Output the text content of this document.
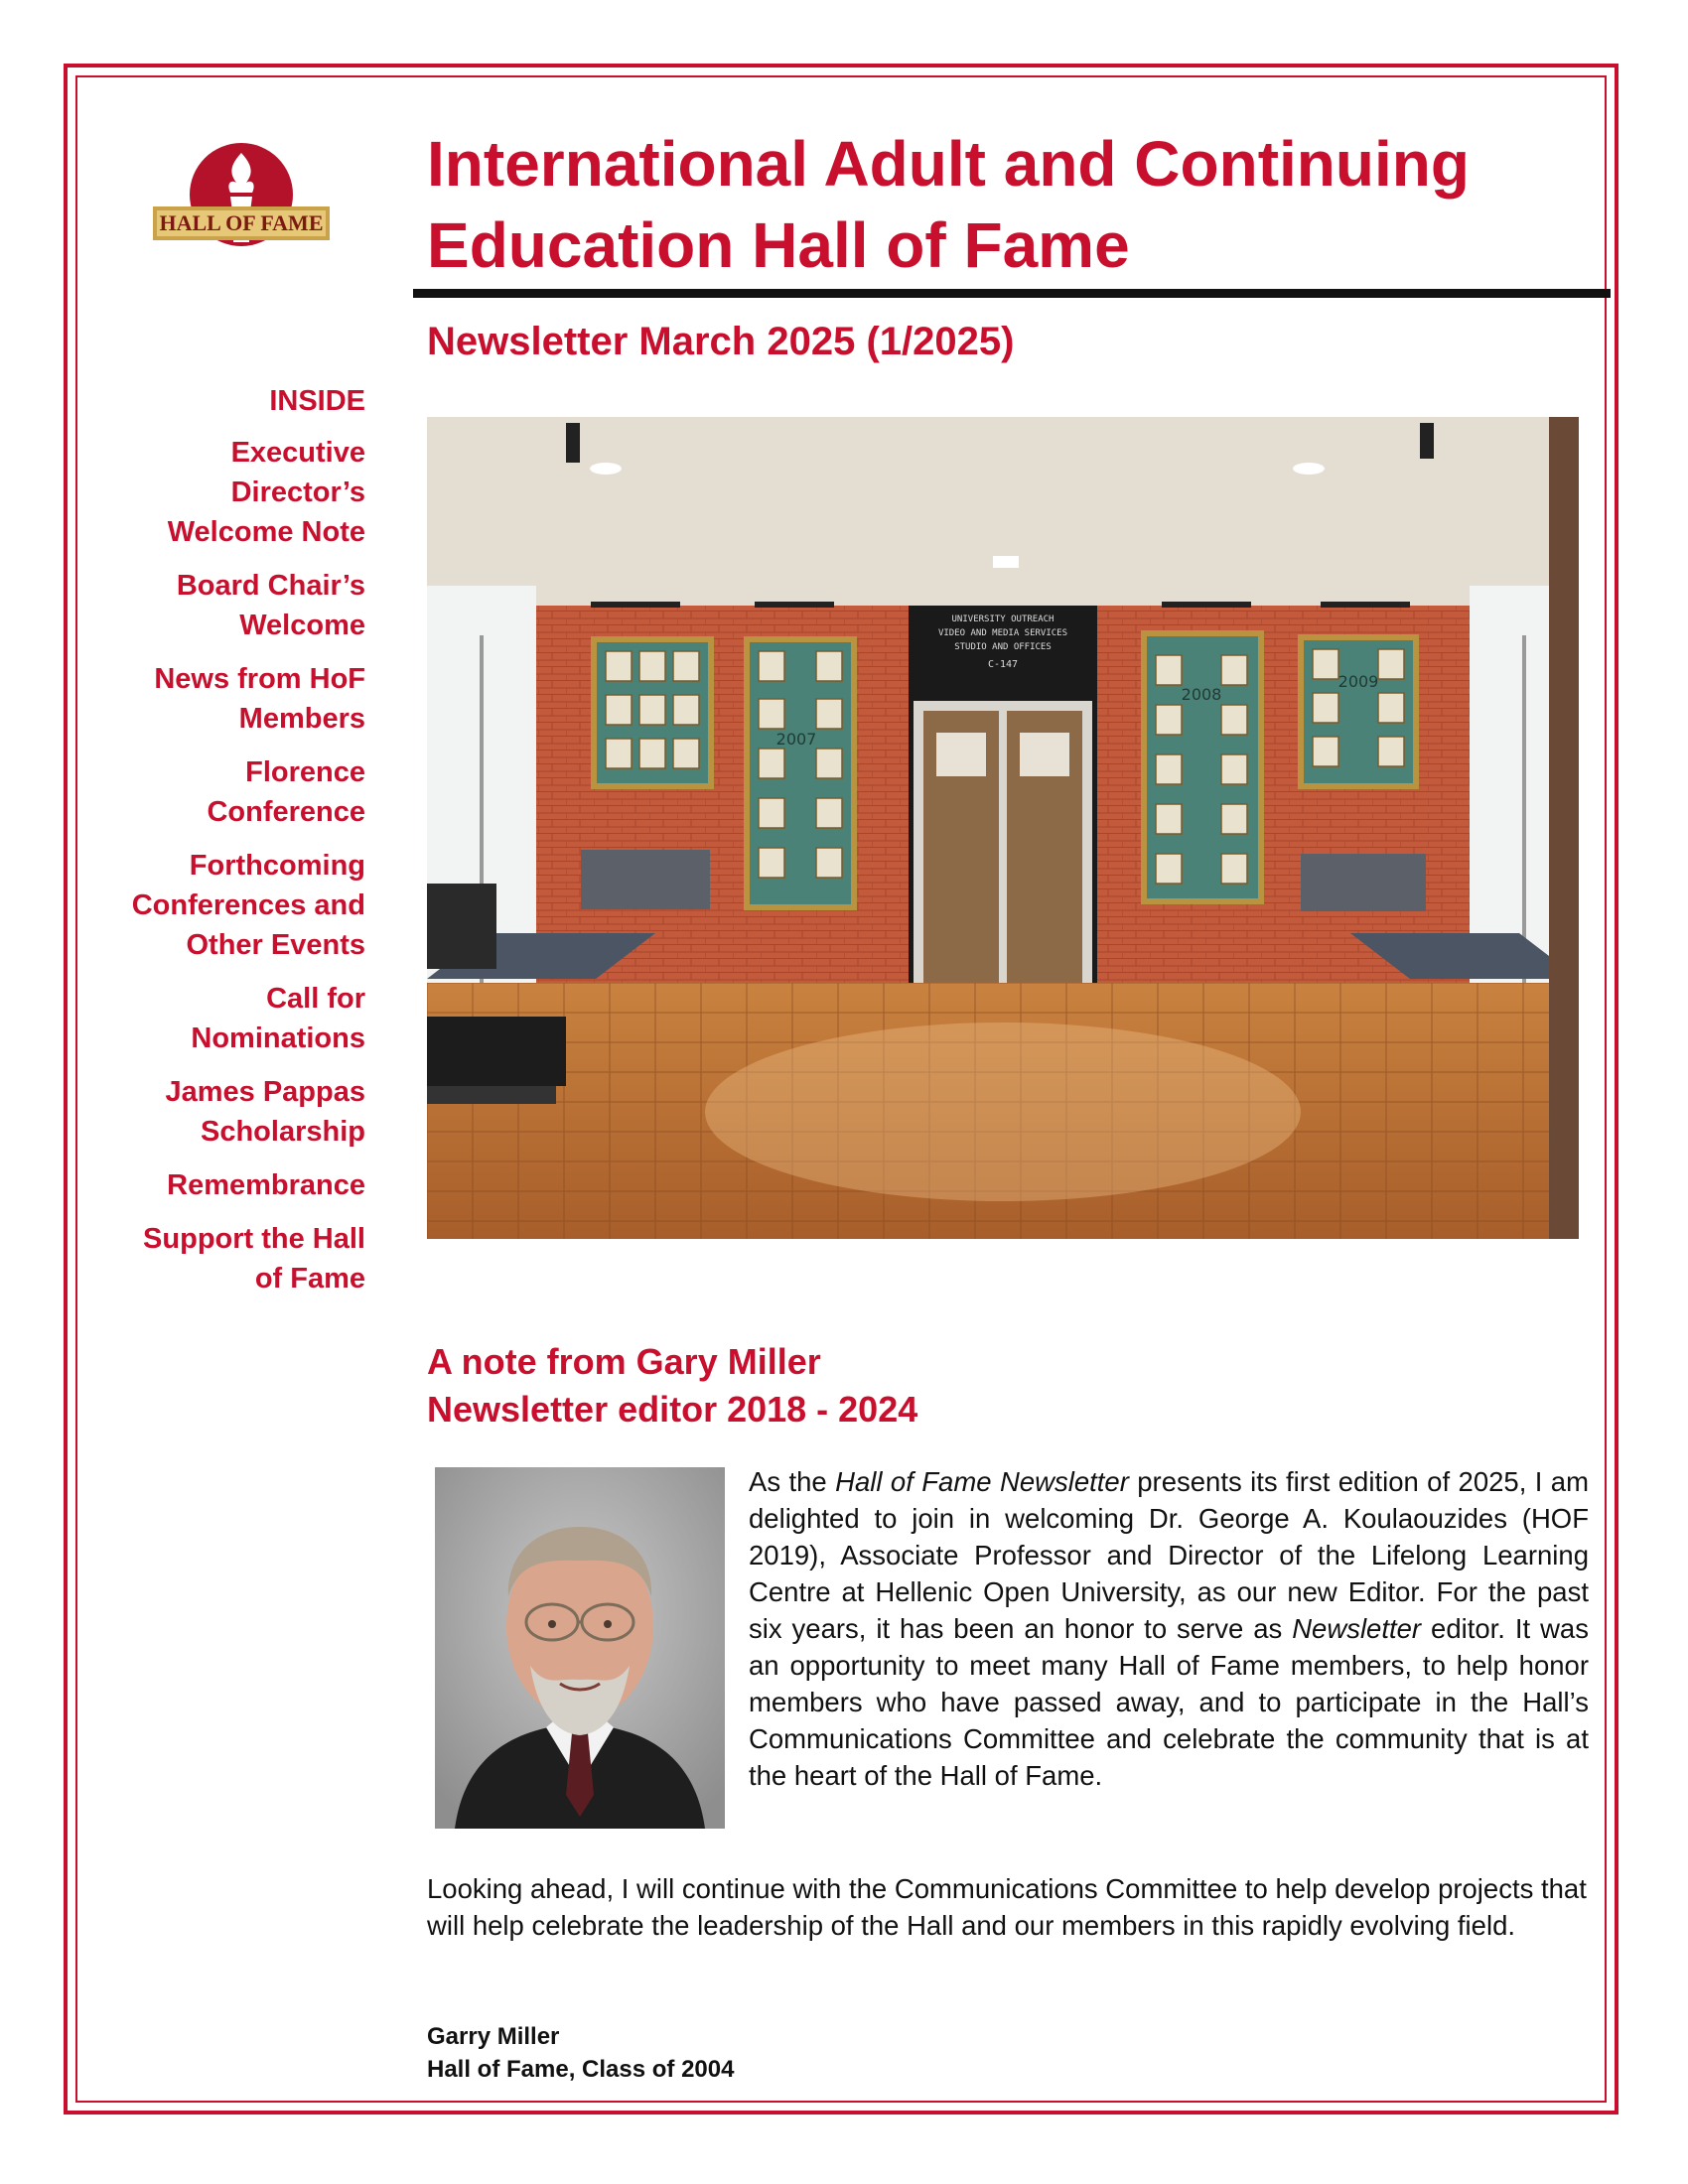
HALL OF FAME
International Adult and Continuing
Education Hall of Fame
Newsletter March 2025 (1/2025)

INSIDE

Executive
Director’s
Welcome Note

Board Chair’s
Welcome

News from HoF
Members

Florence
Conference

Forthcoming
Conferences and
Other Events

Call for
Nominations

James Pappas
Scholarship

Remembrance

Support the Hall
of Fame

2007
2008
2009
UNIVERSITY OUTREACH
VIDEO AND MEDIA SERVICES
STUDIO AND OFFICES
C-147
A note from Gary Miller
Newsletter editor 2018 - 2024

As the Hall of Fame Newsletter presents its first edition of 2025, I am delighted to join in welcoming Dr. George A. Koulaouzides (HOF 2019), Associate Professor and Director of the Lifelong Learning Centre at Hellenic Open University, as our new Editor. For the past six years, it has been an honor to serve as Newsletter editor. It was an opportunity to meet many Hall of Fame members, to help honor members who have passed away, and to participate in the Hall’s Communications Committee and celebrate the community that is at the heart of the Hall of Fame.

Looking ahead, I will continue with the Communications Committee to help develop projects that will help celebrate the leadership of the Hall and our members in this rapidly evolving field.

Garry Miller
Hall of Fame, Class of 2004
